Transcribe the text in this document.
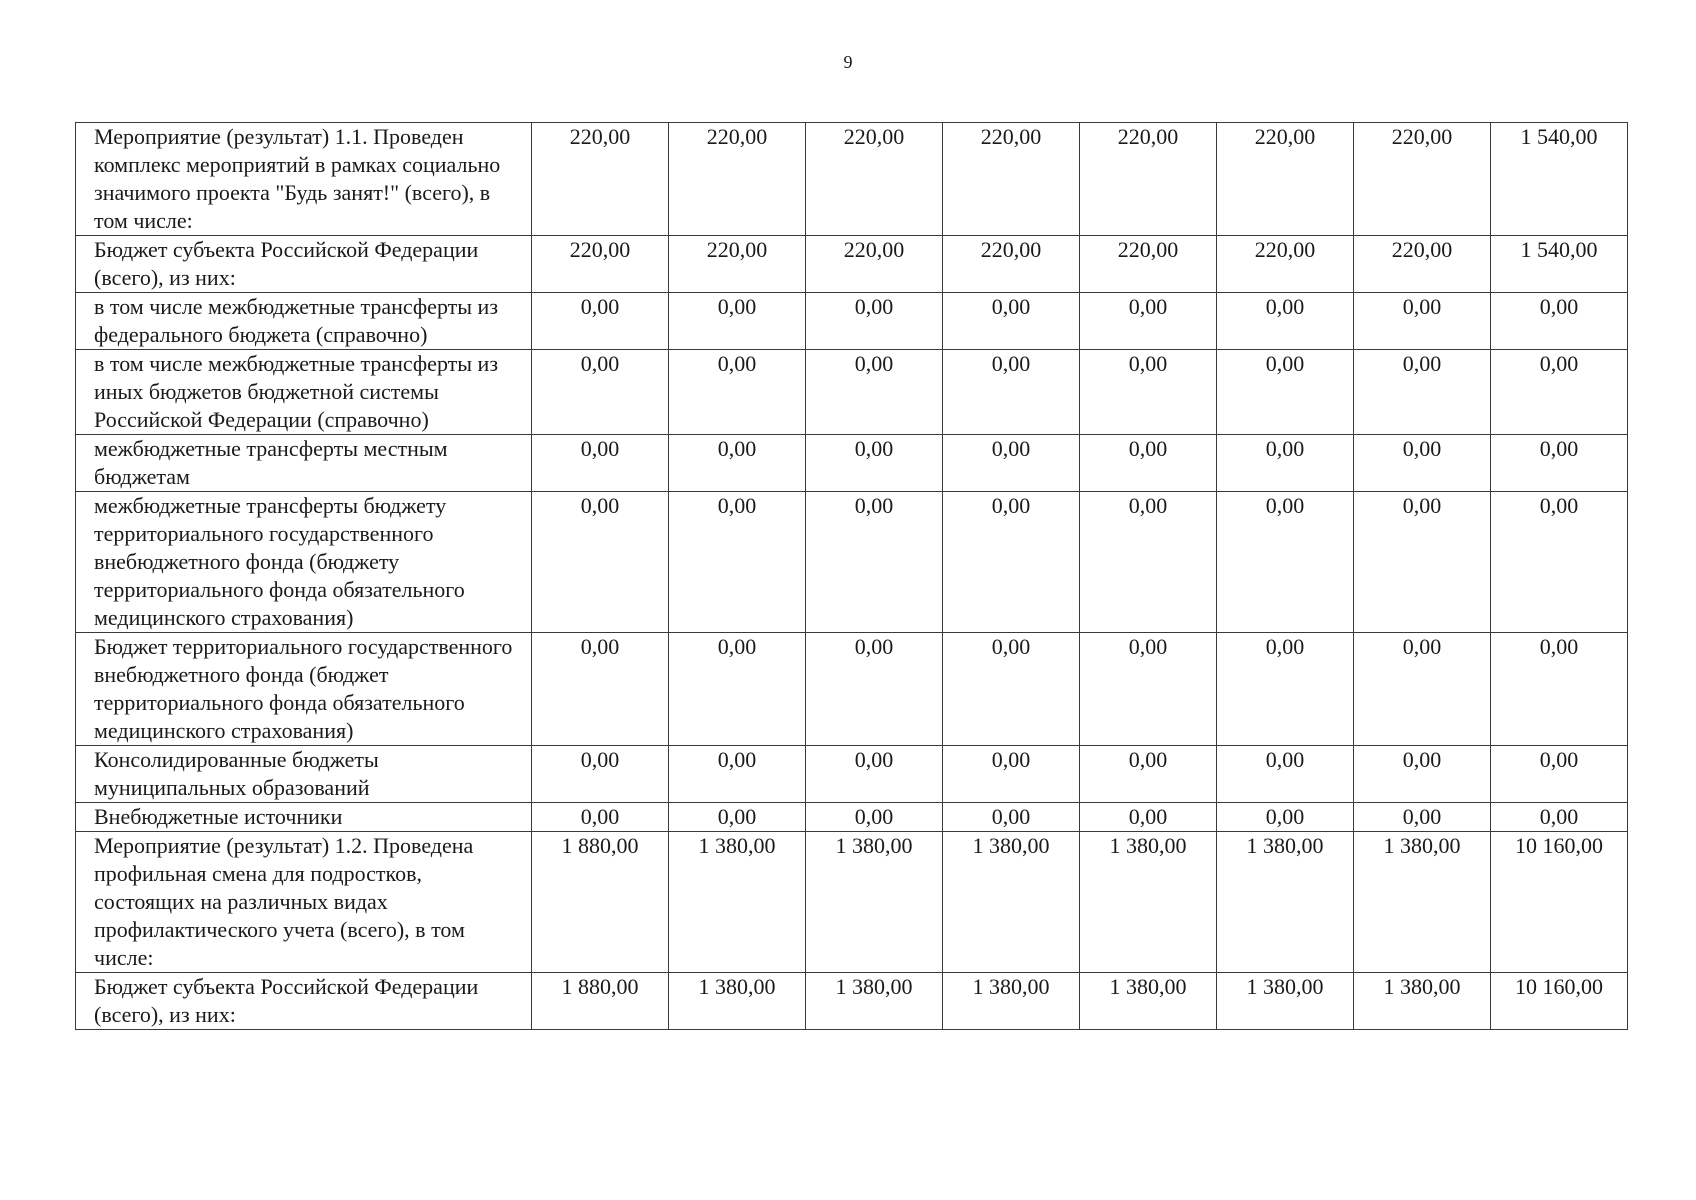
9
Мероприятие (результат) 1.1. Проведен комплекс мероприятий в рамках социально значимого проекта "Будь занят!" (всего), в том числе:	220,00	220,00	220,00	220,00	220,00	220,00	220,00	1 540,00
Бюджет субъекта Российской Федерации (всего), из них:	220,00	220,00	220,00	220,00	220,00	220,00	220,00	1 540,00
в том числе межбюджетные трансферты из федерального бюджета (справочно)	0,00	0,00	0,00	0,00	0,00	0,00	0,00	0,00
в том числе межбюджетные трансферты из иных бюджетов бюджетной системы Российской Федерации (справочно)	0,00	0,00	0,00	0,00	0,00	0,00	0,00	0,00
межбюджетные трансферты местным бюджетам	0,00	0,00	0,00	0,00	0,00	0,00	0,00	0,00
межбюджетные трансферты бюджету территориального государственного внебюджетного фонда (бюджету территориального фонда обязательного медицинского страхования)	0,00	0,00	0,00	0,00	0,00	0,00	0,00	0,00
Бюджет территориального государственного внебюджетного фонда (бюджет территориального фонда обязательного медицинского страхования)	0,00	0,00	0,00	0,00	0,00	0,00	0,00	0,00
Консолидированные бюджеты муниципальных образований	0,00	0,00	0,00	0,00	0,00	0,00	0,00	0,00
Внебюджетные источники	0,00	0,00	0,00	0,00	0,00	0,00	0,00	0,00
Мероприятие (результат) 1.2. Проведена профильная смена для подростков, состоящих на различных видах профилактического учета (всего), в том числе:	1 880,00	1 380,00	1 380,00	1 380,00	1 380,00	1 380,00	1 380,00	10 160,00
Бюджет субъекта Российской Федерации (всего), из них:	1 880,00	1 380,00	1 380,00	1 380,00	1 380,00	1 380,00	1 380,00	10 160,00
